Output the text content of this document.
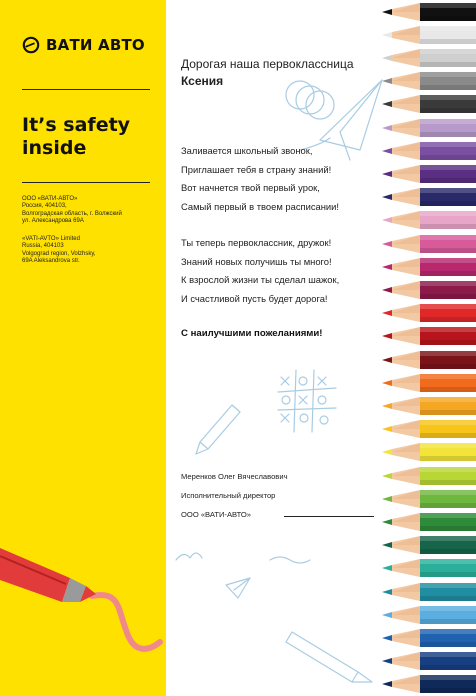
ВАТИ АВТО
It’s safety inside
ООО «ВАТИ-АВТО»
Россия, 404103,
Волгоградская область, г. Волжский
ул. Александрова 69А
«VATI-AVTO» Limited
Russia, 404103
Volgograd region, Volzhsky,
69A Aleksandrova str.
Дорогая наша первоклассница
Ксения
Заливается школьный звонок,
Приглашает тебя в страну знаний!
Вот начнется твой первый урок,
Самый первый в твоем расписании!
Ты теперь первоклассник, дружок!
Знаний новых получишь ты много!
К взрослой жизни ты сделал шажок,
И счастливой пусть будет дорога!
С наилучшими пожеланиями!
Меренков Олег Вячеславович
Исполнительный директор
ООО «ВАТИ-АВТО»
